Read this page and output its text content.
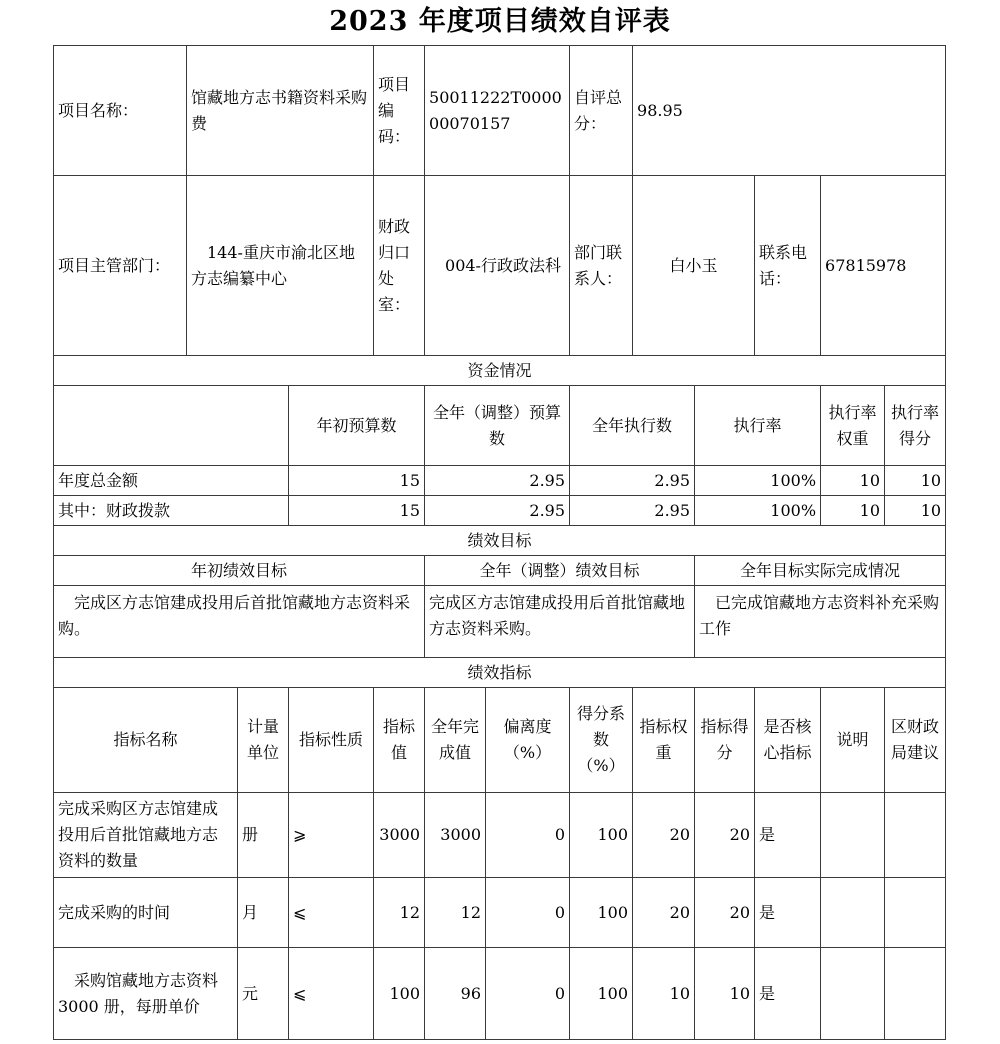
2023 年度项目绩效自评表
项目名称：	馆藏地方志书籍资料采购费			项目编码：	50011222T000000070157		自评总分：	98.95				
项目主管部门：	144-重庆市渝北区地方志编纂中心			财政归口处室：	004-行政政法科		部门联系人：	白小玉		联系电话：	67815978	
资金情况												
			年初预算数		全年（调整）预算数		全年执行数		执行率		执行率权重	执行率得分
年度总金额			15		2.95		2.95		100%		10	10
其中：财政拨款			15		2.95		2.95		100%		10	10
绩效目标												
年初绩效目标					全年（调整）绩效目标				全年目标实际完成情况			
完成区方志馆建成投用后首批馆藏地方志资料采购。					完成区方志馆建成投用后首批馆藏地方志资料采购。				已完成馆藏地方志资料补充采购工作			
绩效指标												
指标名称		计量单位	指标性质	指标值	全年完成值	偏离度（%）	得分系数（%）	指标权重	指标得分	是否核心指标	说明	区财政局建议
完成采购区方志馆建成投用后首批馆藏地方志资料的数量		册	⩾	3000	3000	0	100	20	20	是		
完成采购的时间		月	⩽	12	12	0	100	20	20	是		
采购馆藏地方志资料 3000 册，每册单价		元	⩽	100	96	0	100	10	10	是		
